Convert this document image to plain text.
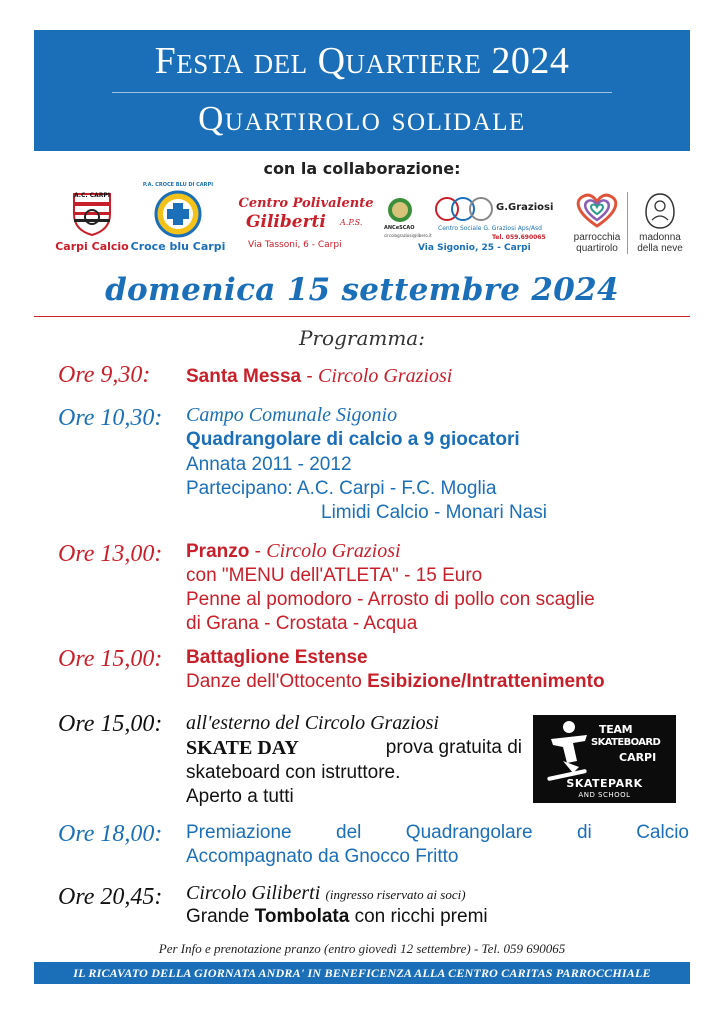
Festa del Quartiere 2024
Quartirolo solidale
con la collaborazione:
A.C. CARPI
Carpi Calcio
P.A. CROCE BLU DI CARPI
Croce blu Carpi
Centro Polivalente
Giliberti A.P.S.
Via Tassoni, 6 - Carpi
ANCeSCAO
circolograziosi@libero.it
G.Graziosi
Centro Sociale G. Graziosi Aps/Asd
Tel. 059.690065
Via Sigonio, 25 - Carpi
parrocchia
quartirolo
madonna
della neve
domenica 15 settembre 2024
Programma:
Ore 9,30: Santa Messa - Circolo Graziosi
Ore 10,30: Campo Comunale Sigonio
Quadrangolare di calcio a 9 giocatori
Annata 2011 - 2012
Partecipano: A.C. Carpi - F.C. Moglia
Limidi Calcio - Monari Nasi
Ore 13,00: Pranzo - Circolo Graziosi
con "MENU dell'ATLETA" - 15 Euro
Penne al pomodoro - Arrosto di pollo con scaglie
di Grana - Crostata - Acqua
Ore 15,00: Battaglione Estense
Danze dell'Ottocento Esibizione/Intrattenimento
Ore 15,00: all'esterno del Circolo Graziosi
SKATE DAY	prova gratuita di
skateboard con istruttore.
Aperto a tutti
TEAM
SKATEBOARD
CARPI
SKATEPARK
AND SCHOOL
Ore 18,00: Premiazione del Quadrangolare di Calcio
Accompagnato da Gnocco Fritto
Ore 20,45: Circolo Giliberti (ingresso riservato ai soci)
Grande Tombolata con ricchi premi
Per Info e prenotazione pranzo (entro giovedì 12 settembre) - Tel. 059 690065
IL RICAVATO DELLA GIORNATA ANDRA' IN BENEFICENZA ALLA CENTRO CARITAS PARROCCHIALE
